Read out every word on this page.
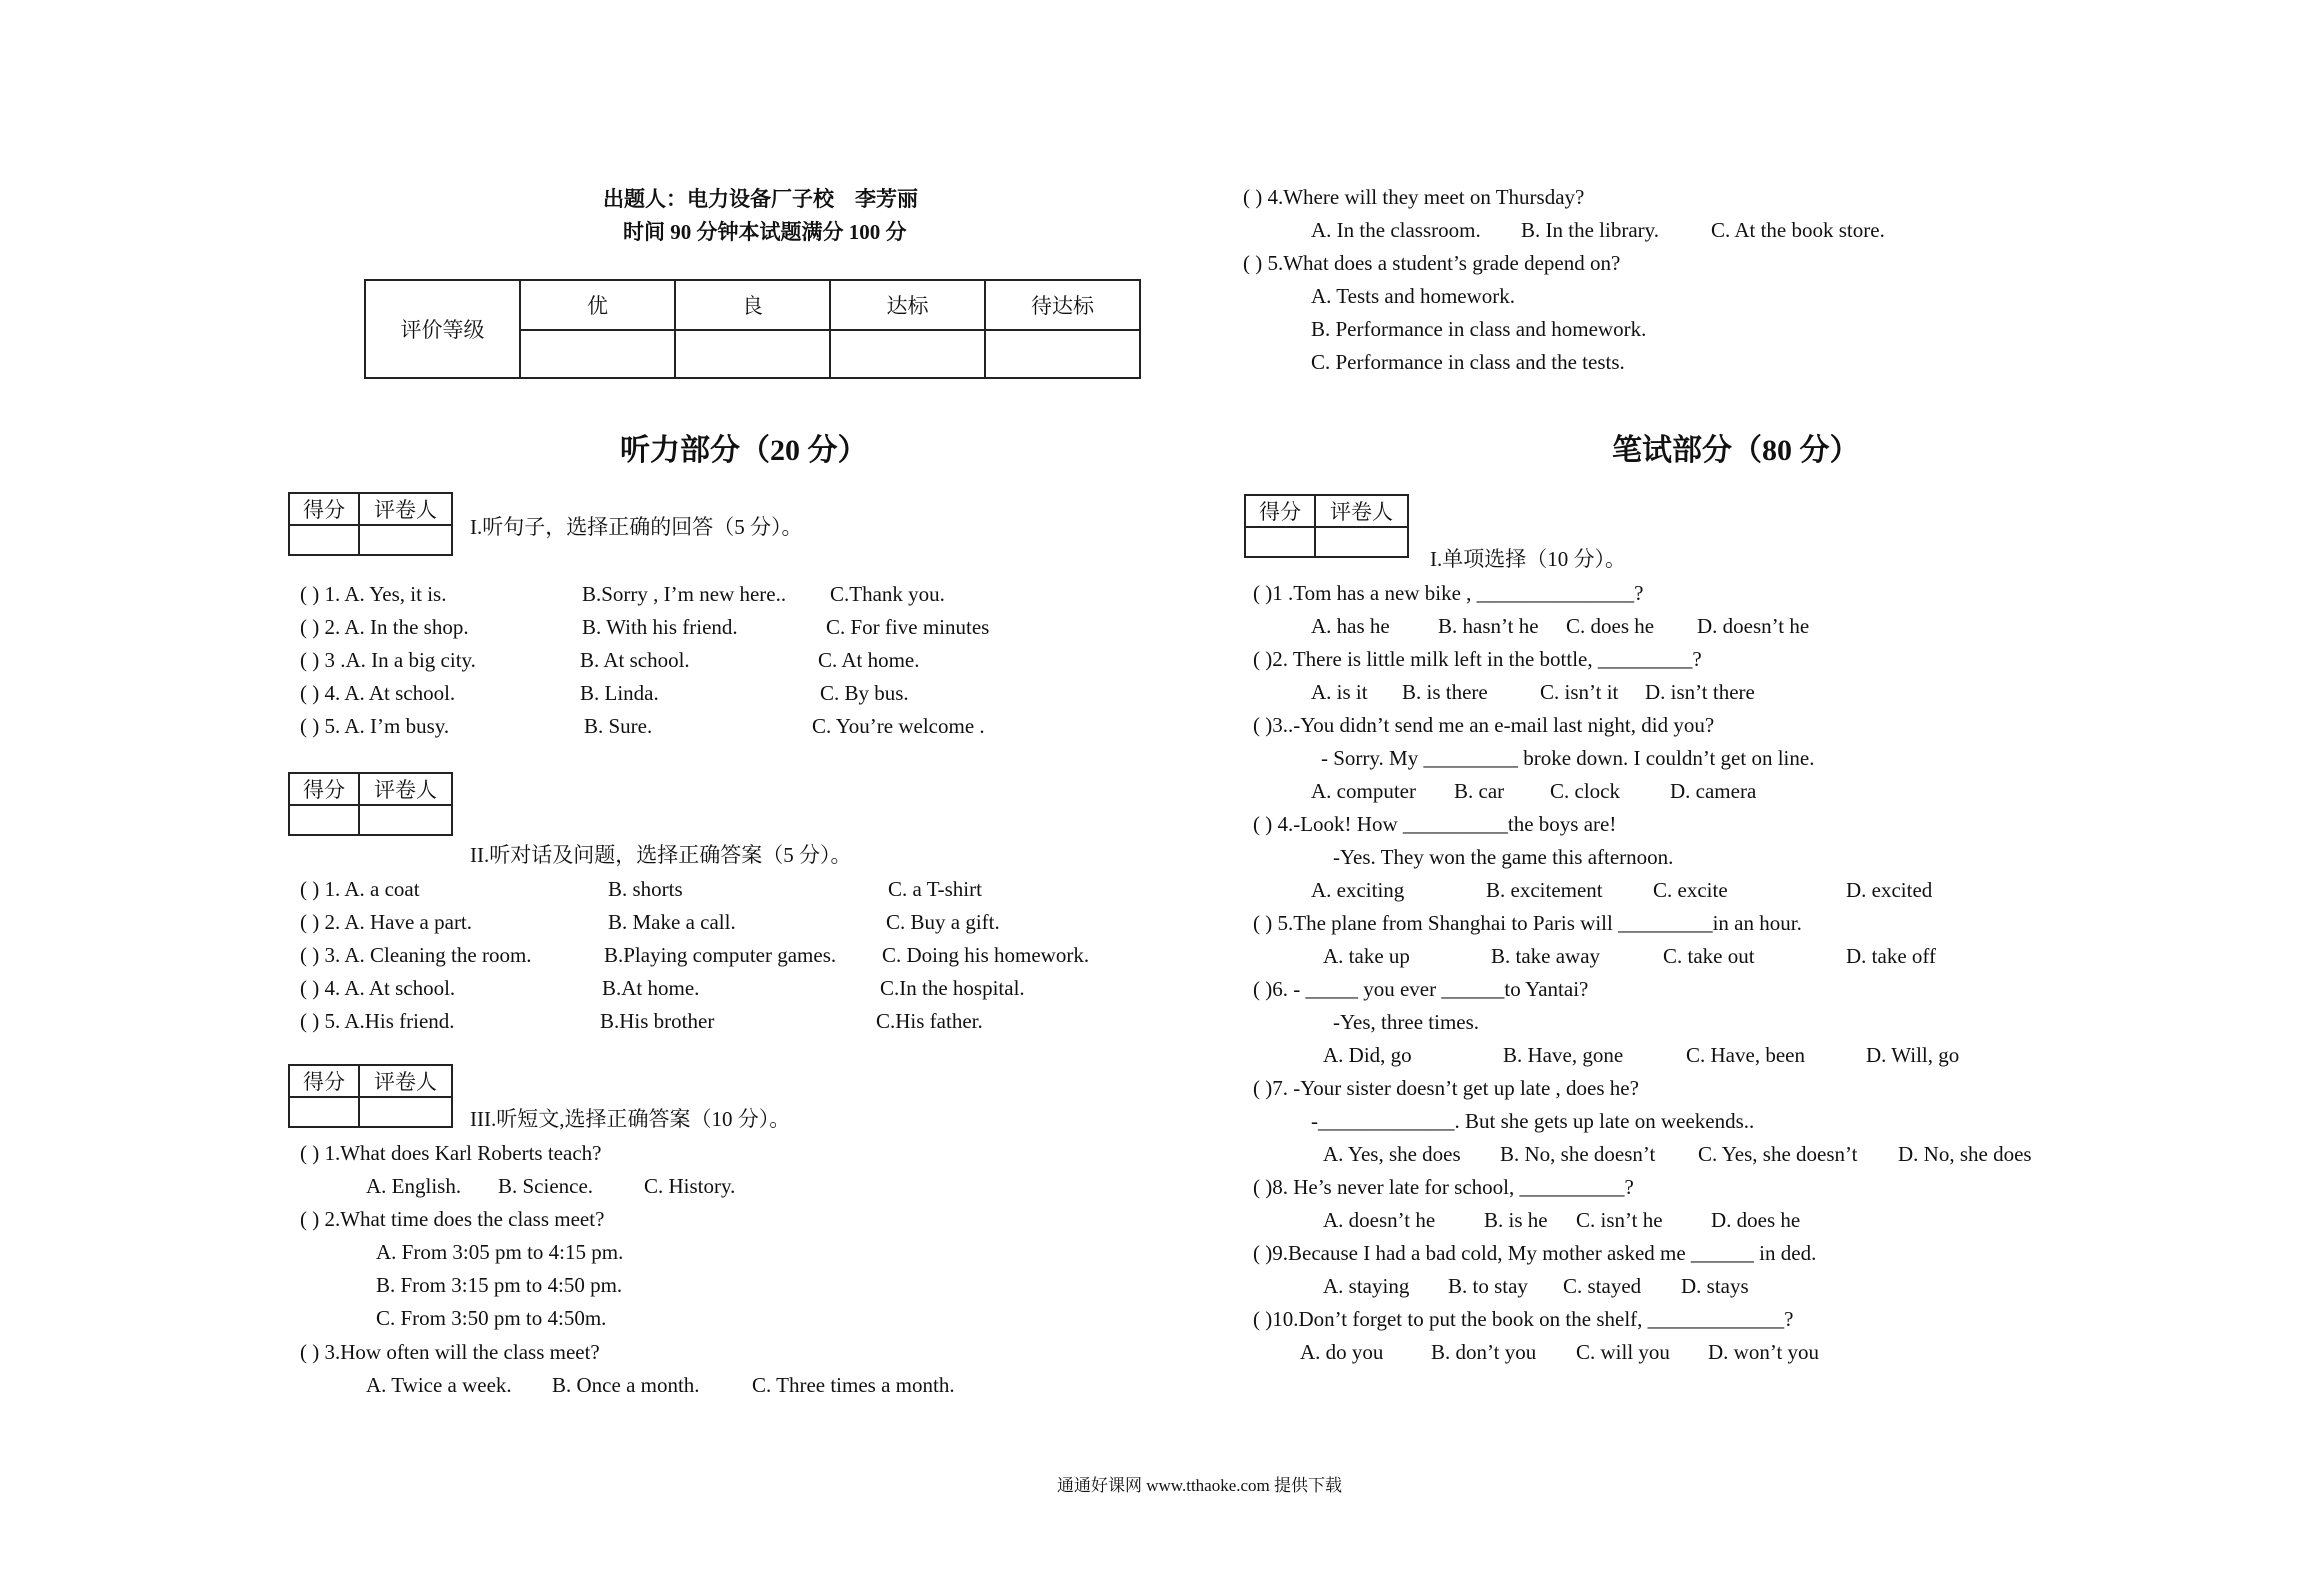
出题人：电力设备厂子校　李芳丽
时间 90 分钟本试题满分 100 分
评价等级	优	良	达标	待达标

听力部分（20 分）
得分	评卷人

I.听句子，选择正确的回答（5 分）。
( ) 1. A. Yes, it is.	B.Sorry , I’m new here.. C.Thank you.
( ) 2. A. In the shop.	B. With his friend.	C. For five minutes
( ) 3 .A. In a big city.	B. At school.	C. At home.
( ) 4. A. At school.	B. Linda.	C. By bus.
( ) 5. A. I’m busy.	B. Sure.	C. You’re welcome .
得分	评卷人

II.听对话及问题，选择正确答案（5 分）。
( ) 1. A. a coat	B. shorts	C. a T-shirt
( ) 2. A. Have a part.	B. Make a call.	C. Buy a gift.
( ) 3. A. Cleaning the room.	B.Playing computer games. C. Doing his homework.
( ) 4. A. At school.	B.At home.	C.In the hospital.
( ) 5. A.His friend.	B.His brother	C.His father.
得分	评卷人

III.听短文,选择正确答案（10 分）。
( ) 1.What does Karl Roberts teach?
A. English. B. Science. C. History.
( ) 2.What time does the class meet?
A. From 3:05 pm to 4:15 pm.
B. From 3:15 pm to 4:50 pm.
C. From 3:50 pm to 4:50m.
( ) 3.How often will the class meet?
A. Twice a week. B. Once a month. C. Three times a month.
( ) 4.Where will they meet on Thursday?
A. In the classroom. B. In the library. C. At the book store.
( ) 5.What does a student’s grade depend on?
A. Tests and homework.
B. Performance in class and homework.
C. Performance in class and the tests.
笔试部分（80 分）
得分	评卷人

I.单项选择（10 分）。
( )1 .Tom has a new bike , _______________?
A. has he B. hasn’t he C. does he D. doesn’t he
( )2. There is little milk left in the bottle, _________?
A. is it B. is there C. isn’t it D. isn’t there
( )3..-You didn’t send me an e-mail last night, did you?
- Sorry. My _________ broke down. I couldn’t get on line.
A. computer B. car C. clock D. camera
( ) 4.-Look! How __________the boys are!
-Yes. They won the game this afternoon.
A. exciting	B. excitement C. excite	D. excited
( ) 5.The plane from Shanghai to Paris will _________in an hour.
A. take up	B. take away	C. take out	D. take off
( )6. - _____ you ever ______to Yantai?
-Yes, three times.
A. Did, go	B. Have, gone	C. Have, been	D. Will, go
( )7. -Your sister doesn’t get up late , does he?
-_____________. But she gets up late on weekends..
A. Yes, she does B. No, she doesn’t C. Yes, she doesn’t D. No, she does
( )8. He’s never late for school, __________?
A. doesn’t he B. is he C. isn’t he D. does he
( )9.Because I had a bad cold, My mother asked me ______ in ded.
A. staying B. to stay C. stayed D. stays
( )10.Don’t forget to put the book on the shelf, _____________?
A. do you B. don’t you C. will you D. won’t you
通通好课网 www.tthaoke.com 提供下载
